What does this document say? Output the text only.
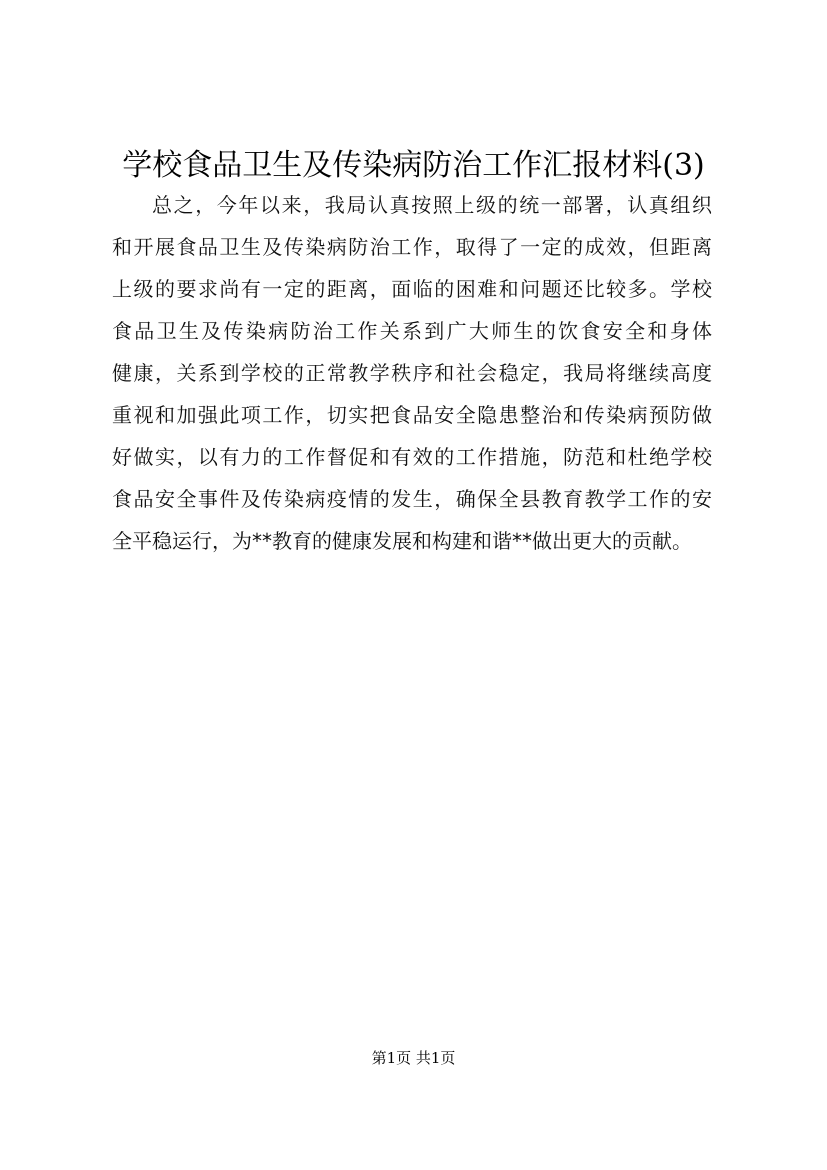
学校食品卫生及传染病防治工作汇报材料(3)
总之，今年以来，我局认真按照上级的统一部署，认真组织
和开展食品卫生及传染病防治工作，取得了一定的成效，但距离
上级的要求尚有一定的距离，面临的困难和问题还比较多。学校
食品卫生及传染病防治工作关系到广大师生的饮食安全和身体
健康，关系到学校的正常教学秩序和社会稳定，我局将继续高度
重视和加强此项工作，切实把食品安全隐患整治和传染病预防做
好做实，以有力的工作督促和有效的工作措施，防范和杜绝学校
食品安全事件及传染病疫情的发生，确保全县教育教学工作的安
全平稳运行，为**教育的健康发展和构建和谐**做出更大的贡献。
第1页 共1页
